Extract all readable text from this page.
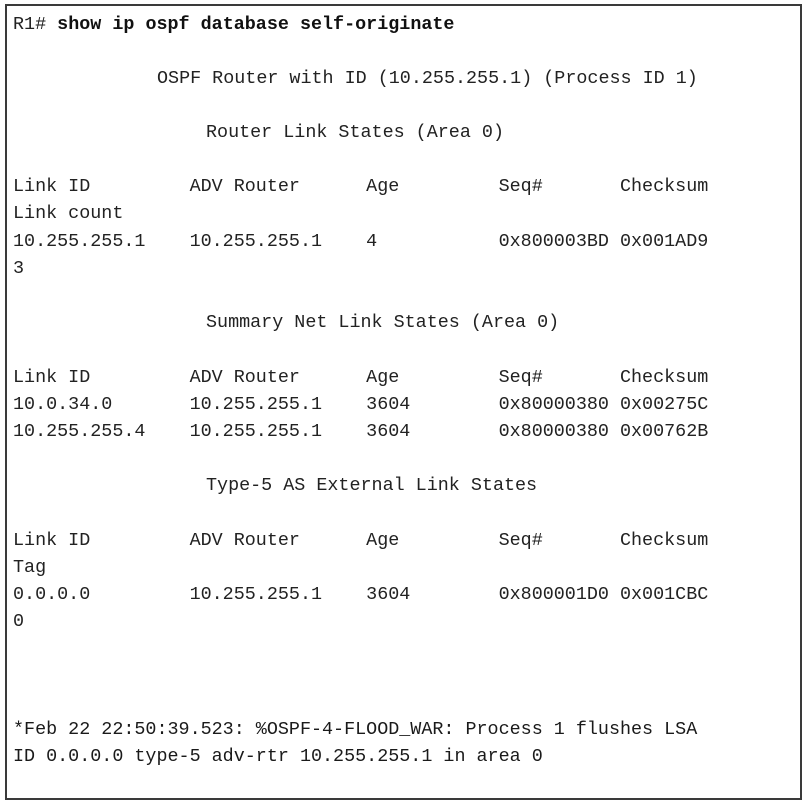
R1# show ip ospf database self-originate
OSPF Router with ID (10.255.255.1) (Process ID 1)
Router Link States (Area 0)
Link ID         ADV Router      Age         Seq#       Checksum
Link count
10.255.255.1    10.255.255.1    4           0x800003BD 0x001AD9
3
Summary Net Link States (Area 0)
Link ID         ADV Router      Age         Seq#       Checksum
10.0.34.0       10.255.255.1    3604        0x80000380 0x00275C
10.255.255.4    10.255.255.1    3604        0x80000380 0x00762B
Type-5 AS External Link States
Link ID         ADV Router      Age         Seq#       Checksum
Tag
0.0.0.0         10.255.255.1    3604        0x800001D0 0x001CBC
0
*Feb 22 22:50:39.523: %OSPF-4-FLOOD_WAR: Process 1 flushes LSA
ID 0.0.0.0 type-5 adv-rtr 10.255.255.1 in area 0
